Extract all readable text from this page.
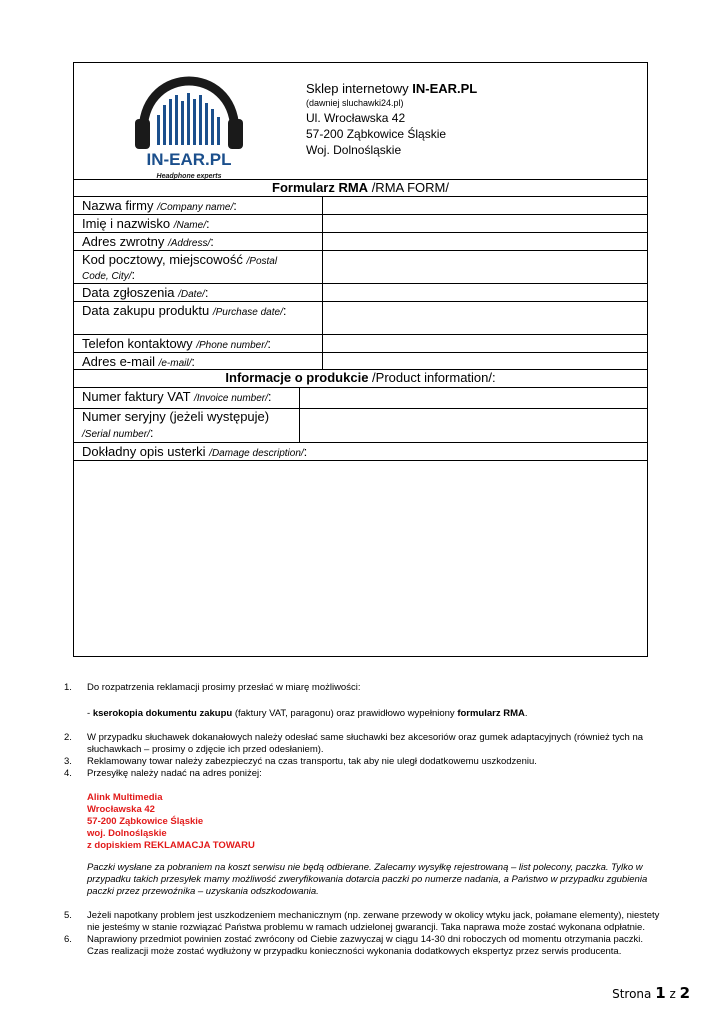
IN-EAR.PL
Headphone experts
Sklep internetowy IN-EAR.PL
(dawniej sluchawki24.pl)
Ul. Wrocławska 42
57-200 Ząbkowice Śląskie
Woj. Dolnośląskie
Formularz RMA /RMA FORM/
Nazwa firmy /Company name/:
Imię i nazwisko /Name/:
Adres zwrotny /Address/:
Kod pocztowy, miejscowość /Postal
Code, City/:
Data zgłoszenia /Date/:
Data zakupu produktu /Purchase date/:
Telefon kontaktowy /Phone number/:
Adres e-mail /e-mail/:
Informacje o produkcie /Product information/:
Numer faktury VAT /Invoice number/:
Numer seryjny (jeżeli występuje)
/Serial number/:
Dokładny opis usterki /Damage description/:
1. Do rozpatrzenia reklamacji prosimy przesłać w miarę możliwości:
- kserokopia dokumentu zakupu (faktury VAT, paragonu) oraz prawidłowo wypełniony formularz RMA.
2. W przypadku słuchawek dokanałowych należy odesłać same słuchawki bez akcesoriów oraz gumek adaptacyjnych (również tych na
słuchawkach – prosimy o zdjęcie ich przed odesłaniem).
3. Reklamowany towar należy zabezpieczyć na czas transportu, tak aby nie uległ dodatkowemu uszkodzeniu.
4. Przesyłkę należy nadać na adres poniżej:
Alink Multimedia
Wrocławska 42
57-200 Ząbkowice Śląskie
woj. Dolnośląskie
z dopiskiem REKLAMACJA TOWARU
Paczki wysłane za pobraniem na koszt serwisu nie będą odbierane. Zalecamy wysyłkę rejestrowaną – list polecony, paczka. Tylko w
przypadku takich przesyłek mamy możliwość zweryfikowania dotarcia paczki po numerze nadania, a Państwo w przypadku zgubienia
paczki przez przewoźnika – uzyskania odszkodowania.
5. Jeżeli napotkany problem jest uszkodzeniem mechanicznym (np. zerwane przewody w okolicy wtyku jack, połamane elementy), niestety
nie jesteśmy w stanie rozwiązać Państwa problemu w ramach udzielonej gwarancji. Taka naprawa może zostać wykonana odpłatnie.
6. Naprawiony przedmiot powinien zostać zwrócony od Ciebie zazwyczaj w ciągu 14-30 dni roboczych od momentu otrzymania paczki.
Czas realizacji może zostać wydłużony w przypadku konieczności wykonania dodatkowych ekspertyz przez serwis producenta.
Strona 1 z 2
